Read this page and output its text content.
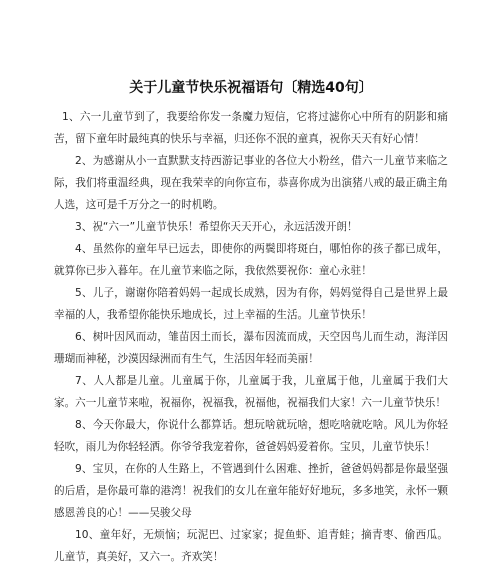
关于儿童节快乐祝福语句〔精选40句〕

1、六一儿童节到了，我要给你发一条魔力短信，它将过滤你心中所有的阴影和痛苦，留下童年时最纯真的快乐与幸福，归还你不泯的童真，祝你天天有好心情！

2、为感谢从小一直默默支持西游记事业的各位大小粉丝，借六一儿童节来临之际，我们将重温经典，现在我荣幸的向你宣布，恭喜你成为出演猪八戒的最正确主角人选，这可是千万分之一的时机哟。

3、祝“六一”儿童节快乐！希望你天天开心，永远活泼开朗！

4、虽然你的童年早已远去，即使你的两鬓即将斑白，哪怕你的孩子都已成年，就算你已步入暮年。在儿童节来临之际，我依然要祝你：童心永驻！

5、儿子，谢谢你陪着妈妈一起成长成熟，因为有你，妈妈觉得自己是世界上最幸福的人，我希望你能快乐地成长，过上幸福的生活。儿童节快乐！

6、树叶因风而动，雏苗因土而长，瀑布因流而成，天空因鸟儿而生动，海洋因珊瑚而神秘，沙漠因绿洲而有生气，生活因年轻而美丽！

7、人人都是儿童。儿童属于你，儿童属于我，儿童属于他，儿童属于我们大家。六一儿童节来啦，祝福你，祝福我，祝福他，祝福我们大家！六一儿童节快乐！

8、今天你最大，你说什么都算话。想玩啥就玩啥，想吃啥就吃啥。风儿为你轻轻吹，雨儿为你轻轻洒。你爷爷我宠着你，爸爸妈妈爱着你。宝贝，儿童节快乐！

9、宝贝，在你的人生路上，不管遇到什么困难、挫折，爸爸妈妈都是你最坚强的后盾，是你最可靠的港湾！祝我们的女儿在童年能好好地玩，多多地笑，永怀一颗感恩善良的心！——吴骏父母

10、童年好，无烦恼；玩泥巴、过家家；捉鱼虾、追青蛙；摘青枣、偷西瓜。儿童节，真美好，又六一。齐欢笑！
